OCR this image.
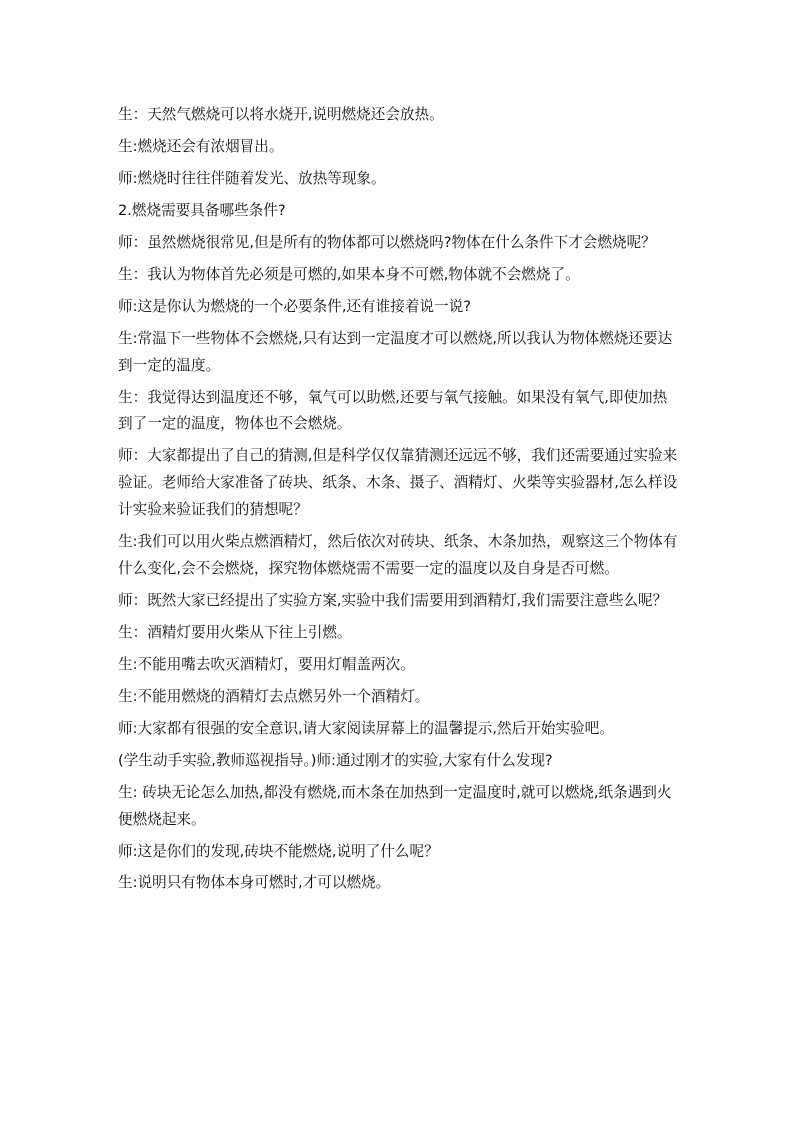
生：天然气燃烧可以将水烧开,说明燃烧还会放热。

生:燃烧还会有浓烟冒出。

师:燃烧时往往伴随着发光、放热等现象。

2.燃烧需要具备哪些条件?

师：虽然燃烧很常见,但是所有的物体都可以燃烧吗?物体在什么条件下才会燃烧呢？

生：我认为物体首先必须是可燃的,如果本身不可燃,物体就不会燃烧了。

师:这是你认为燃烧的一个必要条件,还有谁接着说一说?

生:常温下一些物体不会燃烧,只有达到一定温度才可以燃烧,所以我认为物体燃烧还要达到一定的温度。

生：我觉得达到温度还不够，氧气可以助燃,还要与氧气接触。如果没有氧气,即使加热到了一定的温度，物体也不会燃烧。

师：大家都提出了自己的猜测,但是科学仅仅靠猜测还远远不够，我们还需要通过实验来验证。老师给大家准备了砖块、纸条、木条、摄子、酒精灯、火柴等实验器材,怎么样设计实验来验证我们的猜想呢？

生:我们可以用火柴点燃酒精灯，然后依次对砖块、纸条、木条加热，观察这三个物体有什么变化,会不会燃烧，探究物体燃烧需不需要一定的温度以及自身是否可燃。

师：既然大家已经提出了实验方案,实验中我们需要用到酒精灯,我们需要注意些么呢？

生：酒精灯要用火柴从下往上引燃。

生:不能用嘴去吹灭酒精灯，要用灯帽盖两次。

生:不能用燃烧的酒精灯去点燃另外一个酒精灯。

师:大家都有很强的安全意识,请大家阅读屏幕上的温馨提示,然后开始实验吧。

(学生动手实验,教师巡视指导。)师:通过刚才的实验,大家有什么发现?

生: 砖块无论怎么加热,都没有燃烧,而木条在加热到一定温度时,就可以燃烧,纸条遇到火便燃烧起来。

师:这是你们的发现,砖块不能燃烧,说明了什么呢？

生:说明只有物体本身可燃时,才可以燃烧。
